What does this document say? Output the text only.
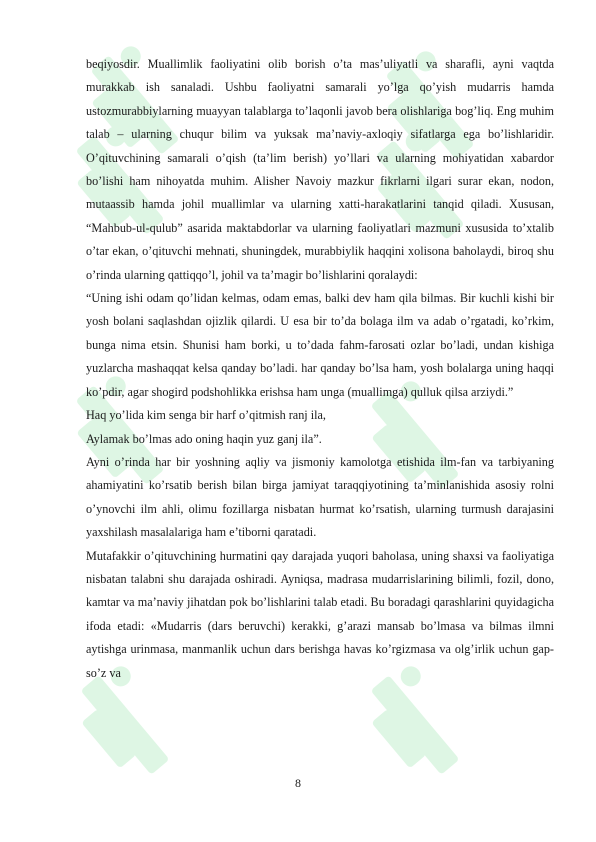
beqiyosdir. Muallimlik faoliyatini olib borish o’ta mas’uliyatli va sharafli, ayni vaqtda murakkab ish sanaladi. Ushbu faoliyatni samarali yo’lga qo’yish mudarris hamda ustozmurabbiylarning muayyan talablarga to’laqonli javob bera olishlariga bog’liq. Eng muhim talab – ularning chuqur bilim va yuksak ma’naviy-axloqiy sifatlarga ega bo’lishlaridir. O’qituvchining samarali o’qish (ta’lim berish) yo’llari va ularning mohiyatidan xabardor bo’lishi ham nihoyatda muhim. Alisher Navoiy mazkur fikrlarni ilgari surar ekan, nodon, mutaassib hamda johil muallimlar va ularning xatti-harakatlarini tanqid qiladi. Xususan, “Mahbub-ul-qulub” asarida maktabdorlar va ularning faoliyatlari mazmuni xususida to’xtalib o’tar ekan, o’qituvchi mehnati, shuningdek, murabbiylik haqqini xolisona baholaydi, biroq shu o’rinda ularning qattiqqo’l, johil va ta’magir bo’lishlarini qoralaydi:

“Uning ishi odam qo’lidan kelmas, odam emas, balki dev ham qila bilmas. Bir kuchli kishi bir yosh bolani saqlashdan ojizlik qilardi. U esa bir to’da bolaga ilm va adab o’rgatadi, ko’rkim, bunga nima etsin. Shunisi ham borki, u to’dada fahm-farosati ozlar bo’ladi, undan kishiga yuzlarcha mashaqqat kelsa qanday bo’ladi. har qanday bo’lsa ham, yosh bolalarga uning haqqi ko’pdir, agar shogird podshohlikka erishsa ham unga (muallimga) qulluk qilsa arziydi.”

Haq yo’lida kim senga bir harf o’qitmish ranj ila,

Aylamak bo’lmas ado oning haqin yuz ganj ila”.

Ayni o’rinda har bir yoshning aqliy va jismoniy kamolotga etishida ilm-fan va tarbiyaning ahamiyatini ko’rsatib berish bilan birga jamiyat taraqqiyotining ta’minlanishida asosiy rolni o’ynovchi ilm ahli, olimu fozillarga nisbatan hurmat ko’rsatish, ularning turmush darajasini yaxshilash masalalariga ham e’tiborni qaratadi.

Mutafakkir o’qituvchining hurmatini qay darajada yuqori baholasa, uning shaxsi va faoliyatiga nisbatan talabni shu darajada oshiradi. Ayniqsa, madrasa mudarrislarining bilimli, fozil, dono, kamtar va ma’naviy jihatdan pok bo’lishlarini talab etadi. Bu boradagi qarashlarini quyidagicha ifoda etadi: «Mudarris (dars beruvchi) kerakki, g’arazi mansab bo’lmasa va bilmas ilmni aytishga urinmasa, manmanlik uchun dars berishga havas ko’rgizmasa va olg’irlik uchun gap-so’z va

8
